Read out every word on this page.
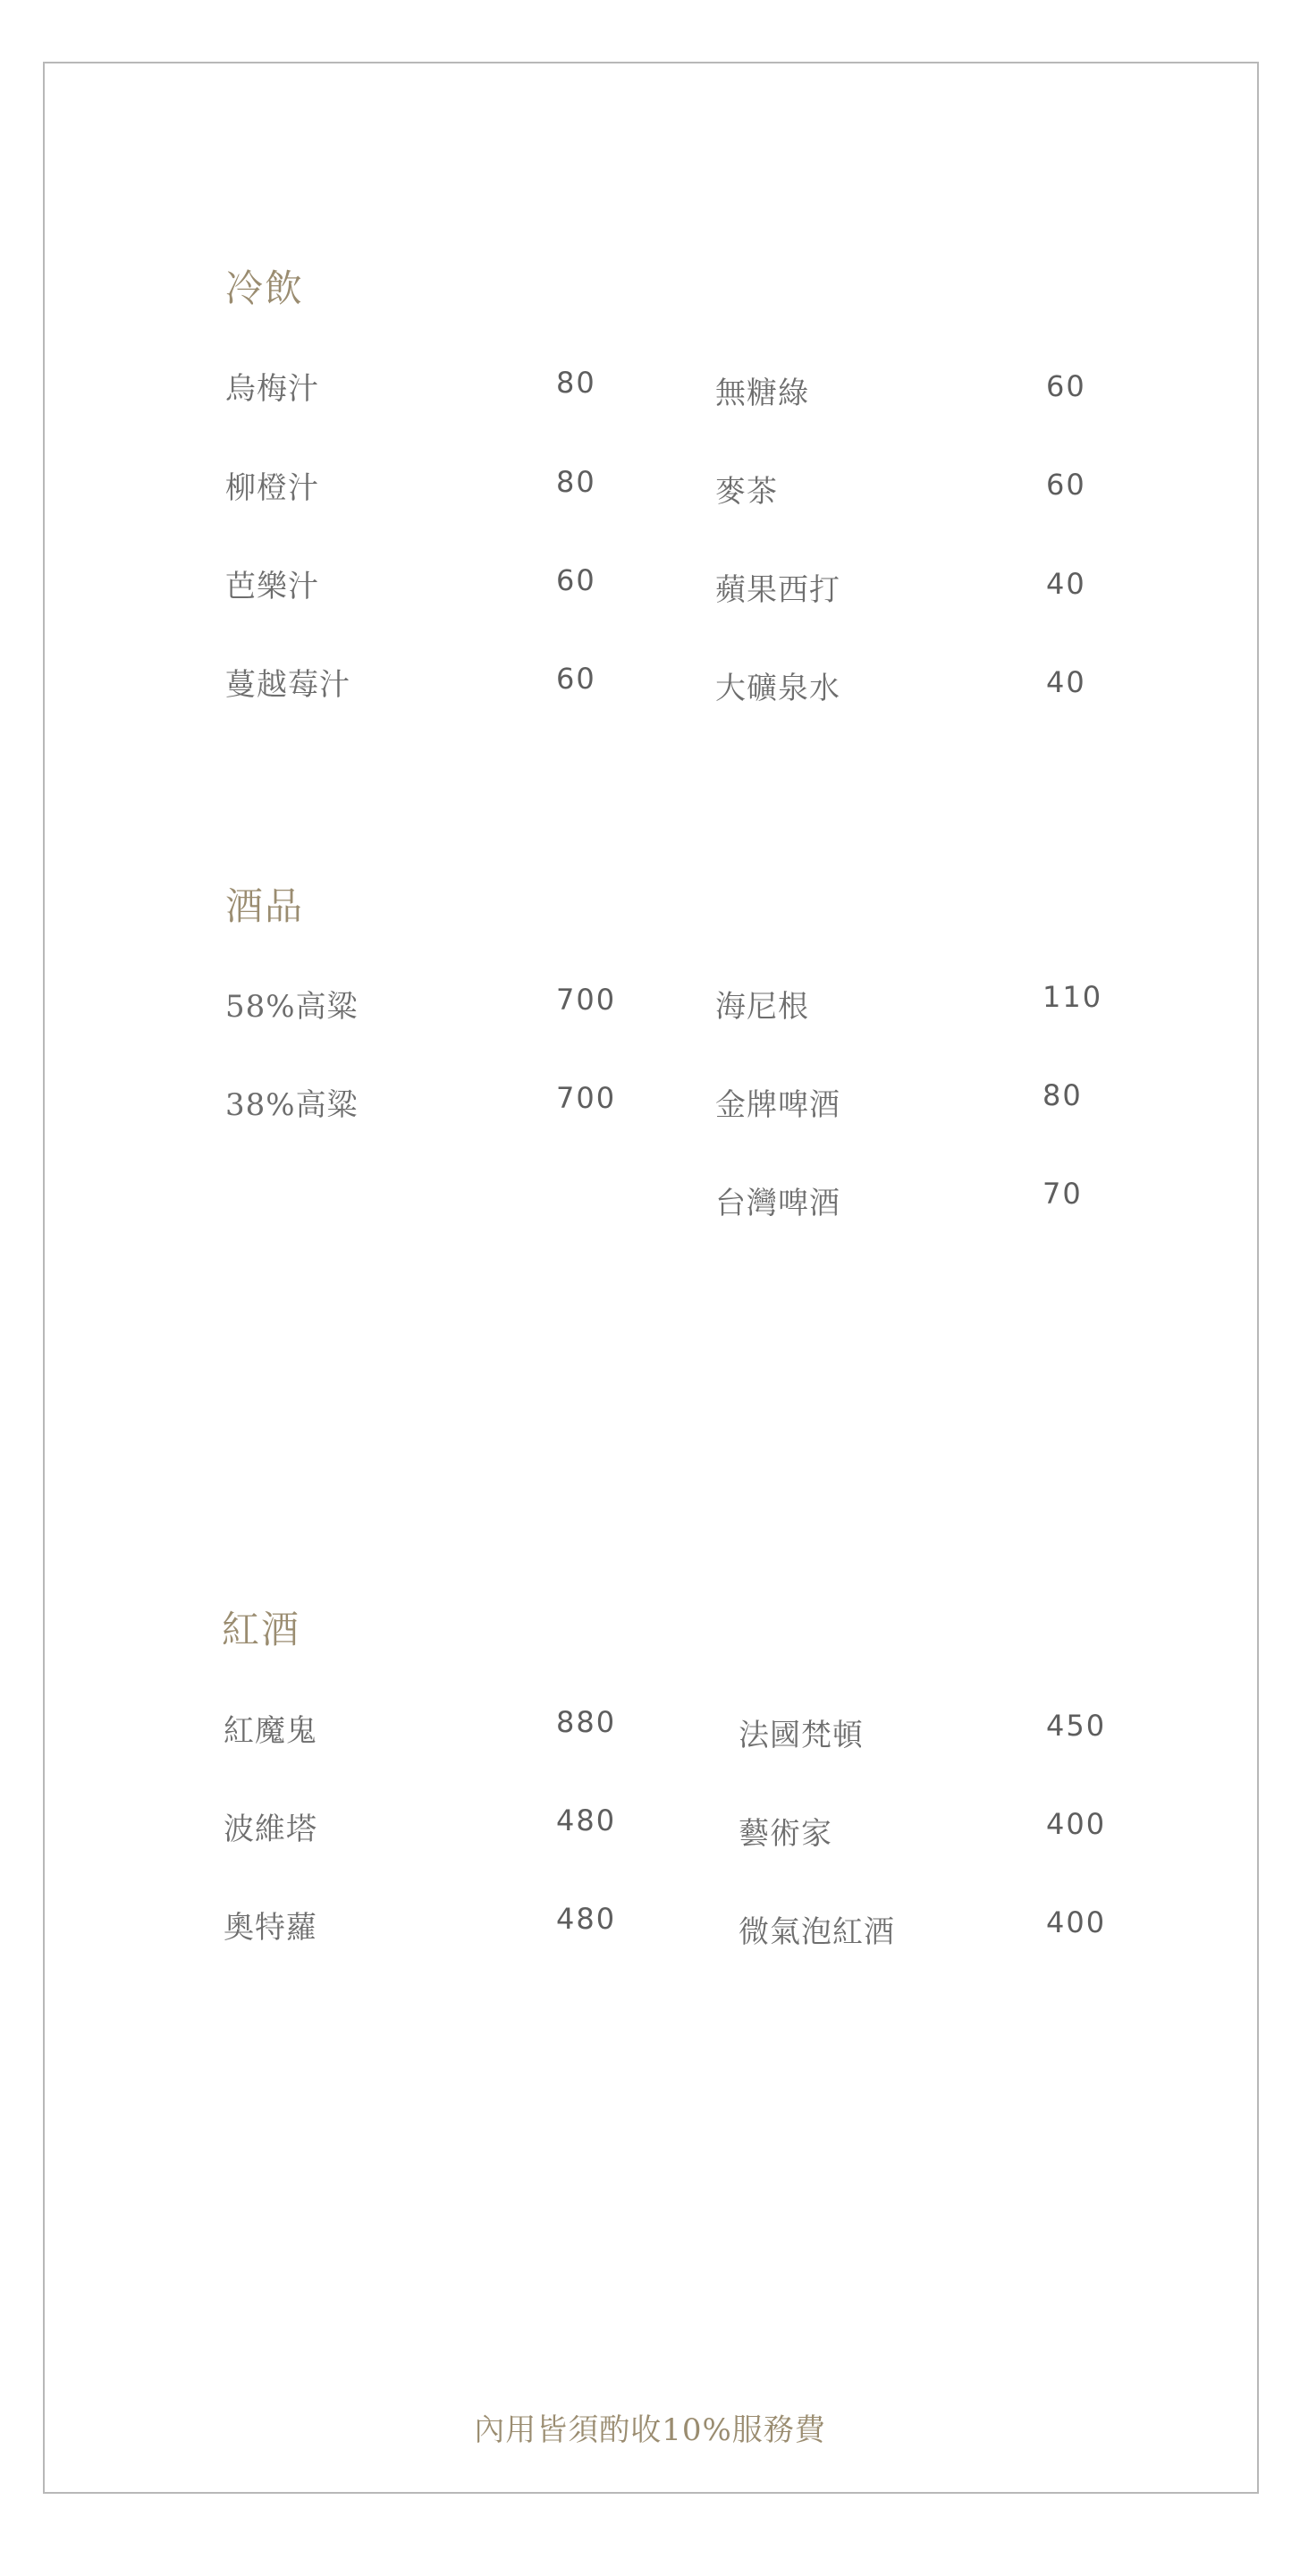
冷飲
烏梅汁	80
柳橙汁	80
芭樂汁	60
蔓越莓汁	60
無糖綠	60
麥茶	60
蘋果西打	40
大礦泉水	40
酒品
58%高粱	700
38%高粱	700
海尼根	110
金牌啤酒	80
台灣啤酒	70
紅酒
紅魔鬼	880
波維塔	480
奧特蘿	480
法國梵頓	450
藝術家	400
微氣泡紅酒	400
內用皆須酌收10%服務費
